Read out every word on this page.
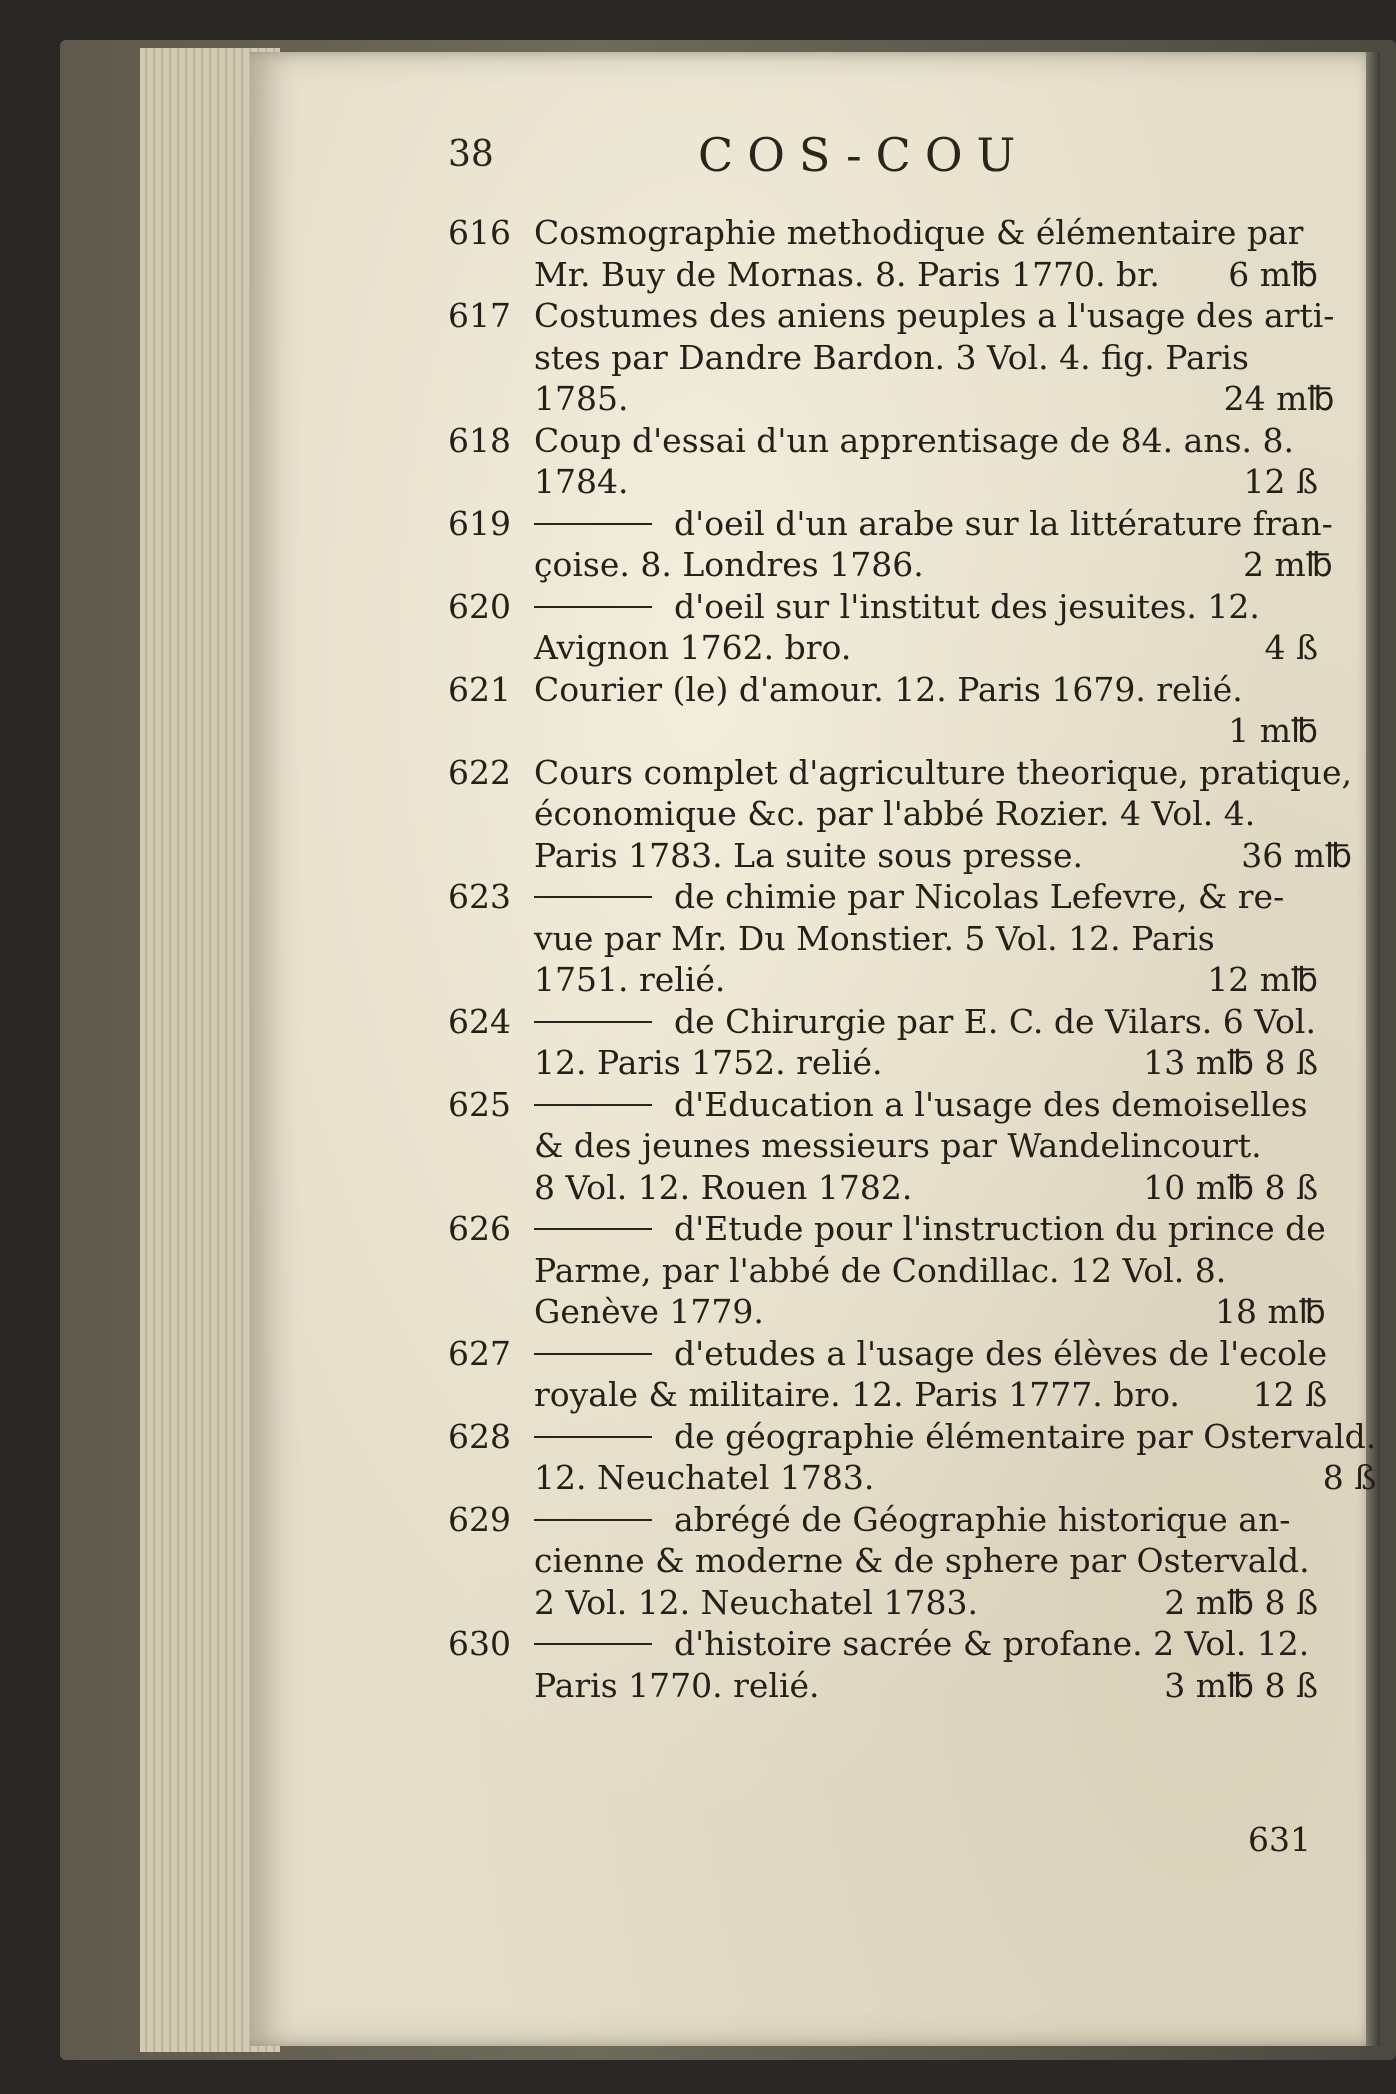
38	COS-COU
616 Cosmographie methodique & élémentaire par
Mr. Buy de Mornas. 8. Paris 1770. br. 6 m℔
617 Costumes des aniens peuples a l'usage des arti-
stes par Dandre Bardon. 3 Vol. 4. fig. Paris
1785.	24 m℔
618 Coup d'essai d'un apprentisage de 84. ans. 8.
1784.	12 ß
619	d'oeil d'un arabe sur la littérature fran-
çoise. 8. Londres 1786.	2 m℔
620	d'oeil sur l'institut des jesuites. 12.
Avignon 1762. bro.	4 ß
621 Courier (le) d'amour. 12. Paris 1679. relié.
1 m℔
622 Cours complet d'agriculture theorique, pratique,
économique &c. par l'abbé Rozier. 4 Vol. 4.
Paris 1783. La suite sous presse.	36 m℔
623	de chimie par Nicolas Lefevre, & re-
vue par Mr. Du Monstier. 5 Vol. 12. Paris
1751. relié.	12 m℔
624	de Chirurgie par E. C. de Vilars. 6 Vol.
12. Paris 1752. relié.	13 m℔ 8 ß
625	d'Education a l'usage des demoiselles
& des jeunes messieurs par Wandelincourt.
8 Vol. 12. Rouen 1782.	10 m℔ 8 ß
626	d'Etude pour l'instruction du prince de
Parme, par l'abbé de Condillac. 12 Vol. 8.
Genève 1779.	18 m℔
627	d'etudes a l'usage des élèves de l'ecole
royale & militaire. 12. Paris 1777. bro. 12 ß
628	de géographie élémentaire par Ostervald.
12. Neuchatel 1783.	8 ß
629	abrégé de Géographie historique an-
cienne & moderne & de sphere par Ostervald.
2 Vol. 12. Neuchatel 1783.	2 m℔ 8 ß
630	d'histoire sacrée & profane. 2 Vol. 12.
Paris 1770. relié.	3 m℔ 8 ß
631
